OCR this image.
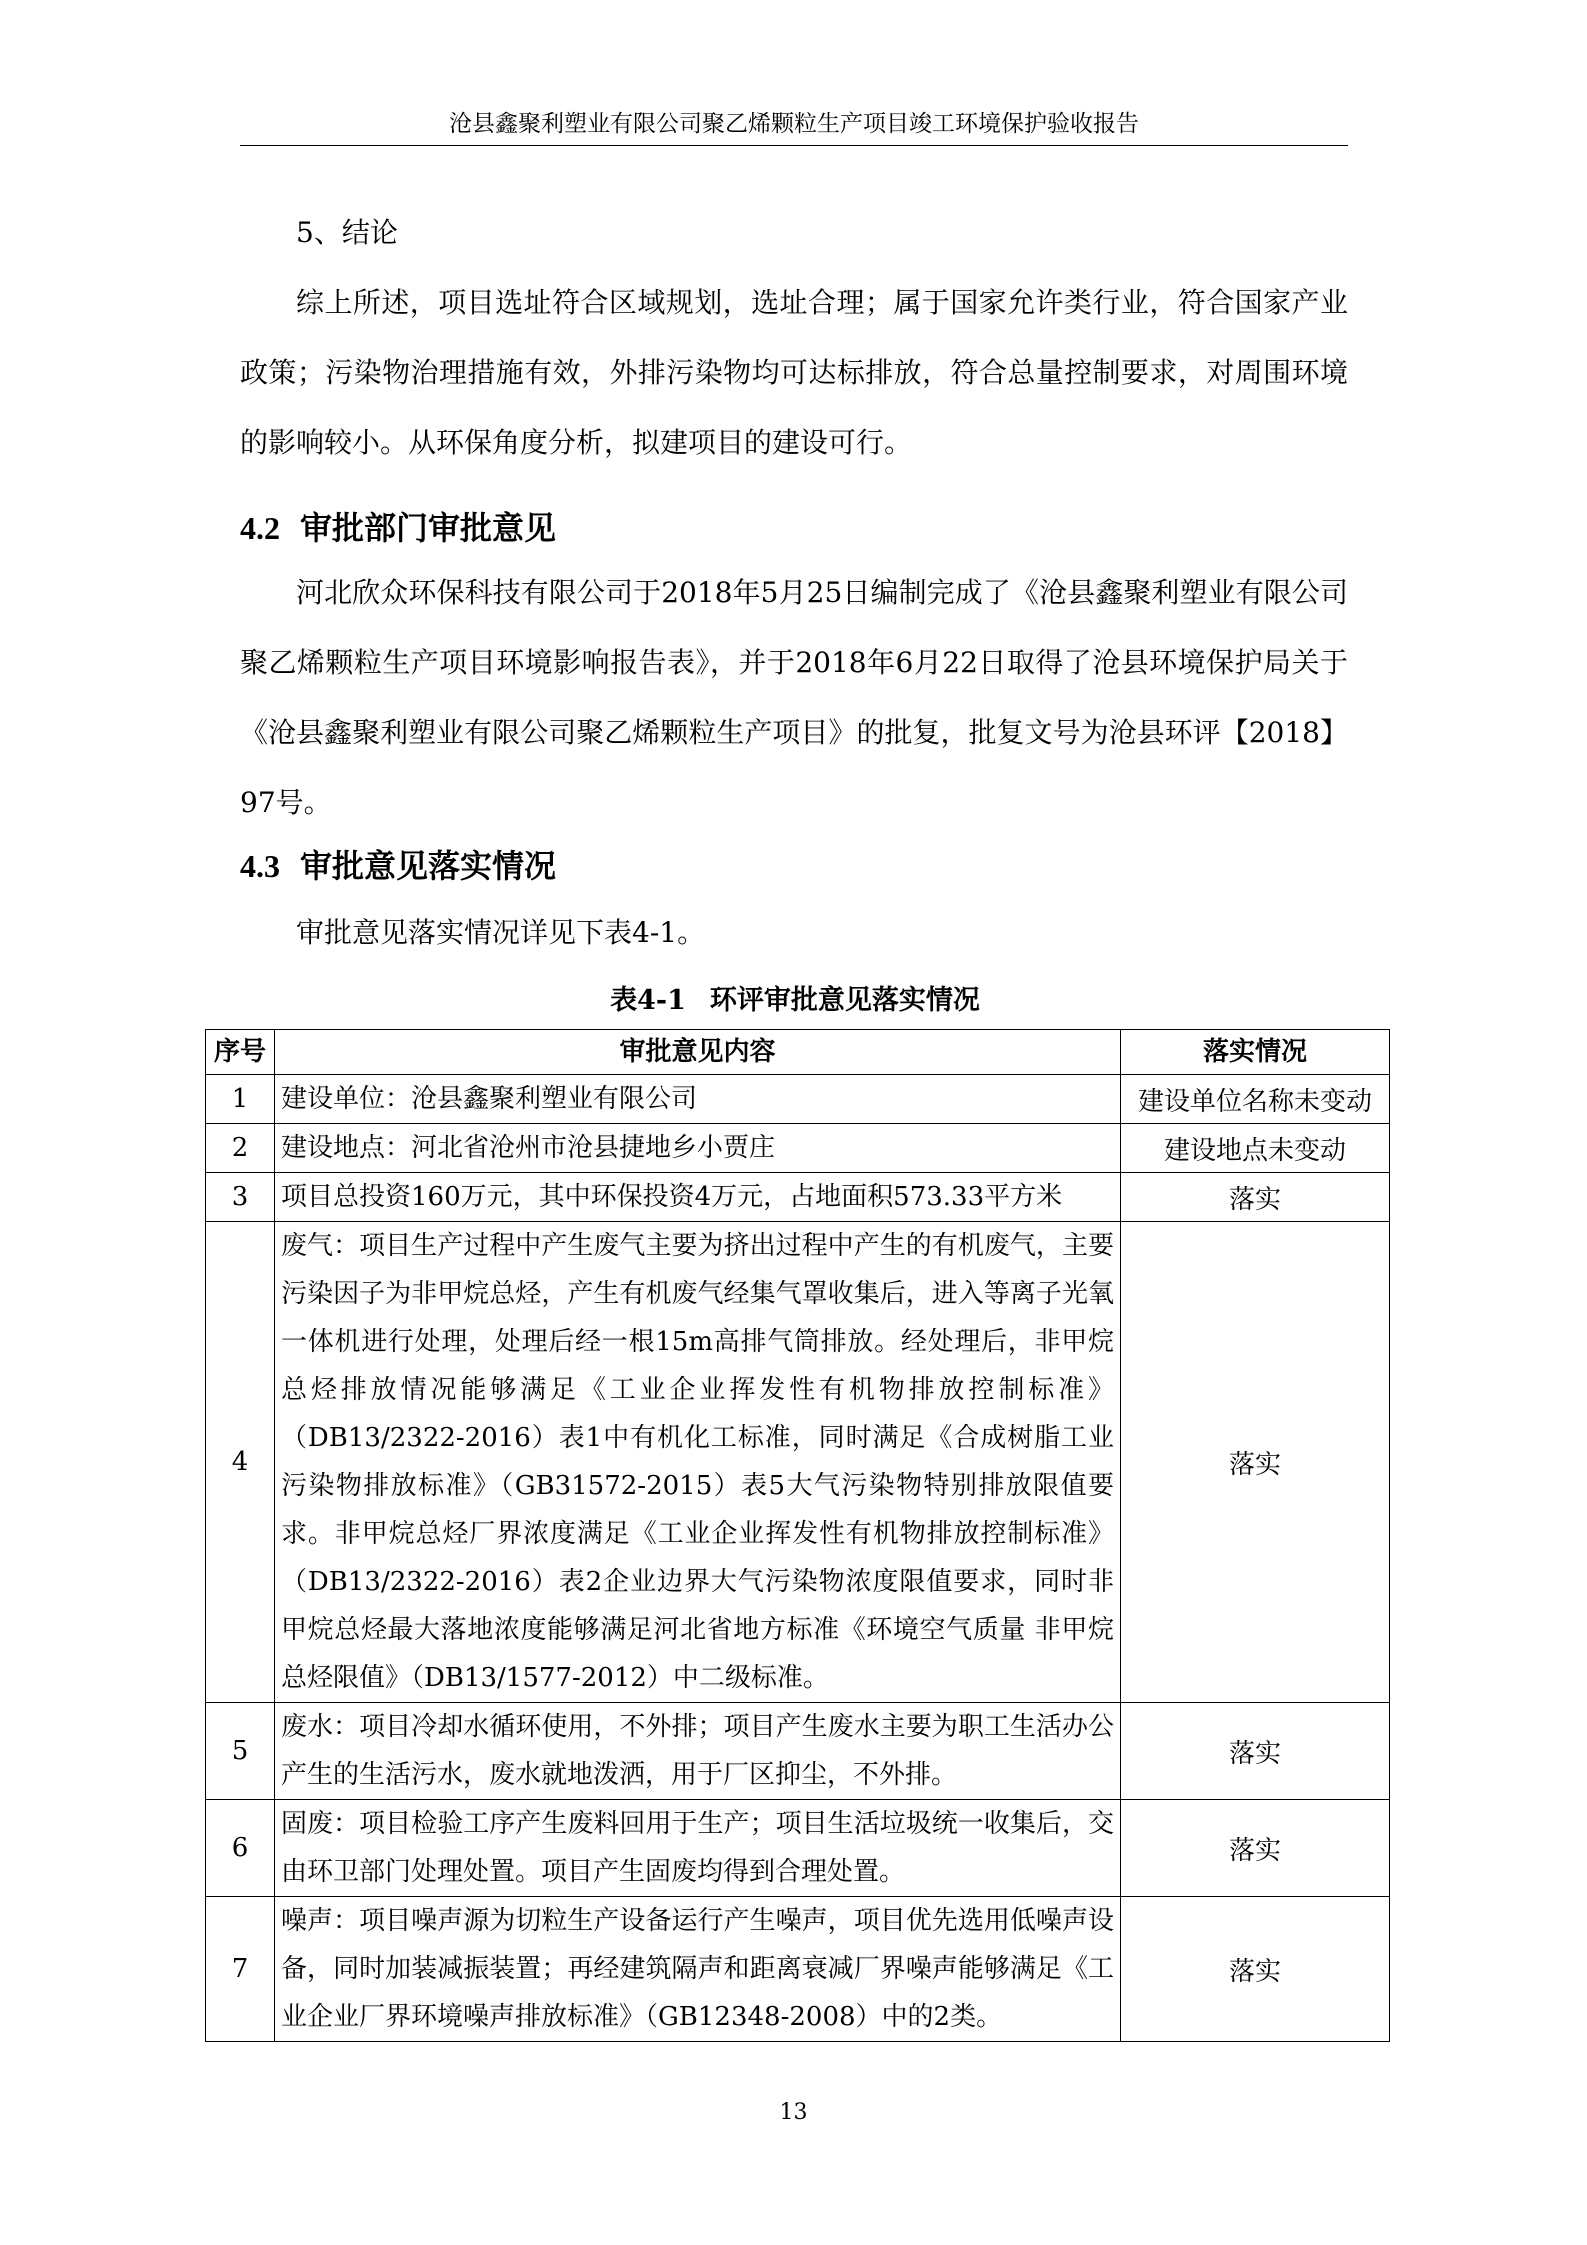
沧县鑫聚利塑业有限公司聚乙烯颗粒生产项目竣工环境保护验收报告

5、结论

综上所述，项目选址符合区域规划，选址合理；属于国家允许类行业，符合国家产业政策；污染物治理措施有效，外排污染物均可达标排放，符合总量控制要求，对周围环境的影响较小。从环保角度分析，拟建项目的建设可行。

4.2 审批部门审批意见

河北欣众环保科技有限公司于2018年5月25日编制完成了《沧县鑫聚利塑业有限公司聚乙烯颗粒生产项目环境影响报告表》，并于2018年6月22日取得了沧县环境保护局关于《沧县鑫聚利塑业有限公司聚乙烯颗粒生产项目》的批复，批复文号为沧县环评【2018】97号。

4.3 审批意见落实情况

审批意见落实情况详见下表4-1。

表4-1 环评审批意见落实情况
序号	审批意见内容	落实情况
1	建设单位：沧县鑫聚利塑业有限公司	建设单位名称未变动
2	建设地点：河北省沧州市沧县捷地乡小贾庄	建设地点未变动
3	项目总投资160万元，其中环保投资4万元，占地面积573.33平方米	落实
4	废气：项目生产过程中产生废气主要为挤出过程中产生的有机废气，主要污染因子为非甲烷总烃，产生有机废气经集气罩收集后，进入等离子光氧一体机进行处理，处理后经一根15m高排气筒排放。经处理后，非甲烷总烃排放情况能够满足《工业企业挥发性有机物排放控制标准》（DB13/2322-2016）表1中有机化工标准，同时满足《合成树脂工业污染物排放标准》（GB31572-2015）表5大气污染物特别排放限值要求。非甲烷总烃厂界浓度满足《工业企业挥发性有机物排放控制标准》（DB13/2322-2016）表2企业边界大气污染物浓度限值要求，同时非甲烷总烃最大落地浓度能够满足河北省地方标准《环境空气质量 非甲烷总烃限值》（DB13/1577-2012）中二级标准。	落实
5	废水：项目冷却水循环使用，不外排；项目产生废水主要为职工生活办公产生的生活污水，废水就地泼洒，用于厂区抑尘，不外排。	落实
6	固废：项目检验工序产生废料回用于生产；项目生活垃圾统一收集后，交由环卫部门处理处置。项目产生固废均得到合理处置。	落实
7	噪声：项目噪声源为切粒生产设备运行产生噪声，项目优先选用低噪声设备，同时加装减振装置；再经建筑隔声和距离衰减厂界噪声能够满足《工业企业厂界环境噪声排放标准》（GB12348-2008）中的2类。	落实
13
